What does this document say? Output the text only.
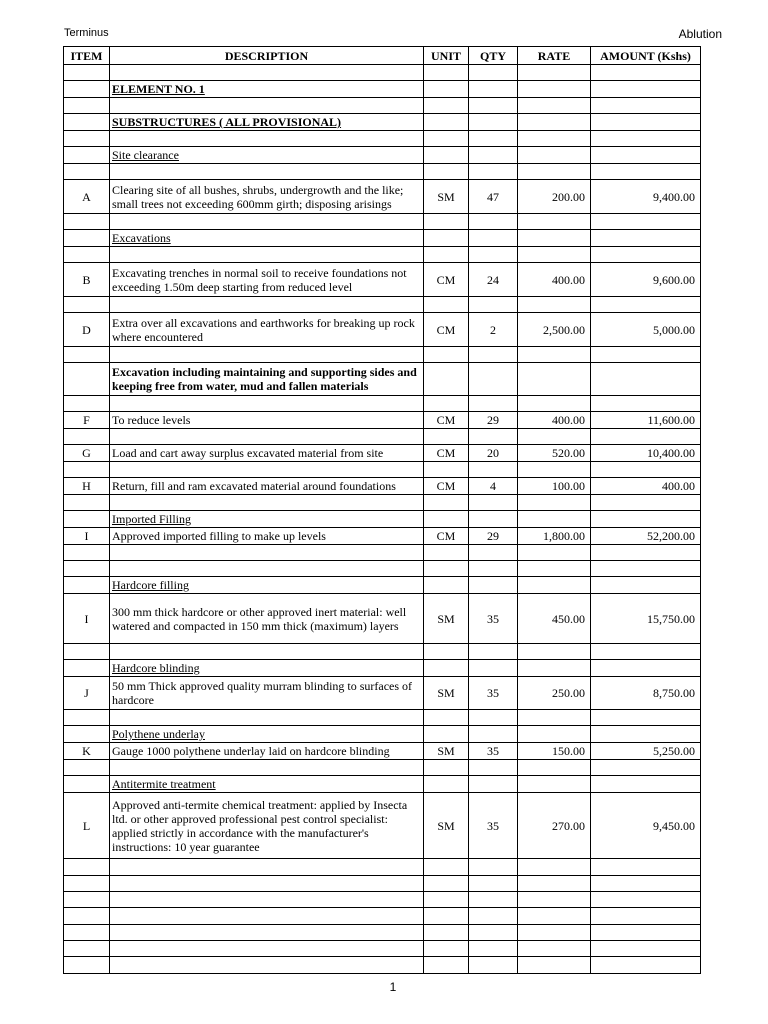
Terminus	Ablution
ITEM	DESCRIPTION	UNIT	QTY	RATE	AMOUNT (Kshs)

	ELEMENT NO. 1				

	SUBSTRUCTURES ( ALL PROVISIONAL)				

	Site clearance				

A	Clearing site of all bushes, shrubs, undergrowth and the like; small trees not exceeding 600mm girth; disposing arisings	SM	47	200.00	9,400.00

	Excavations				

B	Excavating trenches in normal soil to receive foundations not exceeding 1.50m deep starting from reduced level	CM	24	400.00	9,600.00

D	Extra over all excavations and earthworks for breaking up rock where encountered	CM	2	2,500.00	5,000.00

	Excavation including maintaining and supporting sides and keeping free from water, mud and fallen materials				

F	To reduce levels	CM	29	400.00	11,600.00

G	Load and cart away surplus excavated material from site	CM	20	520.00	10,400.00

H	Return, fill and ram excavated material around foundations	CM	4	100.00	400.00

	Imported Filling				
I	Approved imported filling to make up levels	CM	29	1,800.00	52,200.00

	Hardcore filling				
I	300 mm thick hardcore or other approved inert material: well watered and compacted in 150 mm thick (maximum) layers	SM	35	450.00	15,750.00

	Hardcore blinding				
J	50 mm Thick approved quality murram blinding to surfaces of hardcore	SM	35	250.00	8,750.00

	Polythene underlay				
K	Gauge 1000 polythene underlay laid on hardcore blinding	SM	35	150.00	5,250.00

	Antitermite treatment				
L	Approved anti-termite chemical treatment: applied by Insecta ltd. or other approved professional pest control specialist: applied strictly in accordance with the manufacturer's instructions: 10 year guarantee	SM	35	270.00	9,450.00

1
